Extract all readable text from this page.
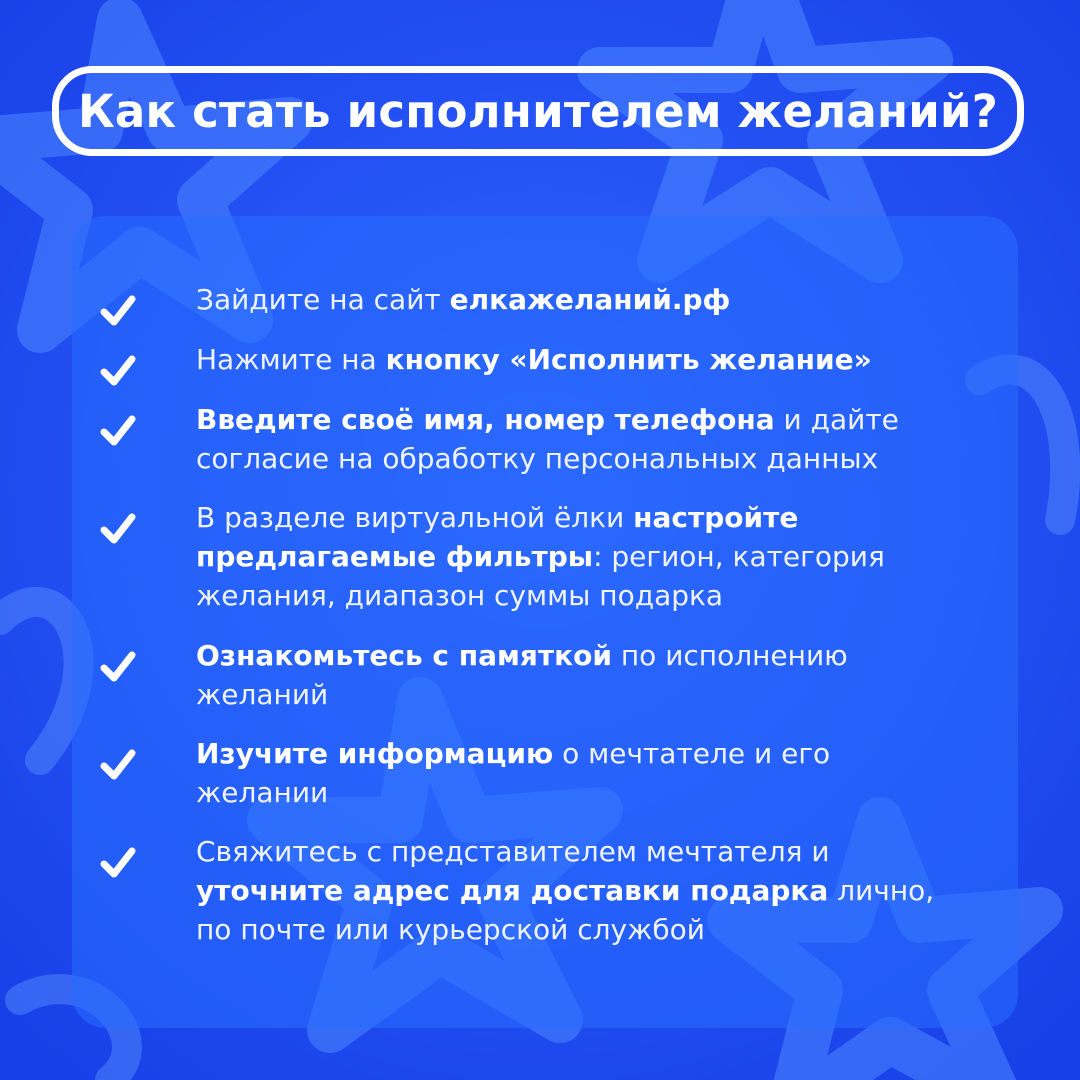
Как стать исполнителем желаний?
Зайдите на сайт елкажеланий.рф
Нажмите на кнопку «Исполнить желание»
Введите своё имя, номер телефона и дайте
согласие на обработку персональных данных
В разделе виртуальной ёлки настройте
предлагаемые фильтры: регион, категория
желания, диапазон суммы подарка
Ознакомьтесь с памяткой по исполнению
желаний
Изучите информацию о мечтателе и его
желании
Свяжитесь с представителем мечтателя и
уточните адрес для доставки подарка лично,
по почте или курьерской службой
